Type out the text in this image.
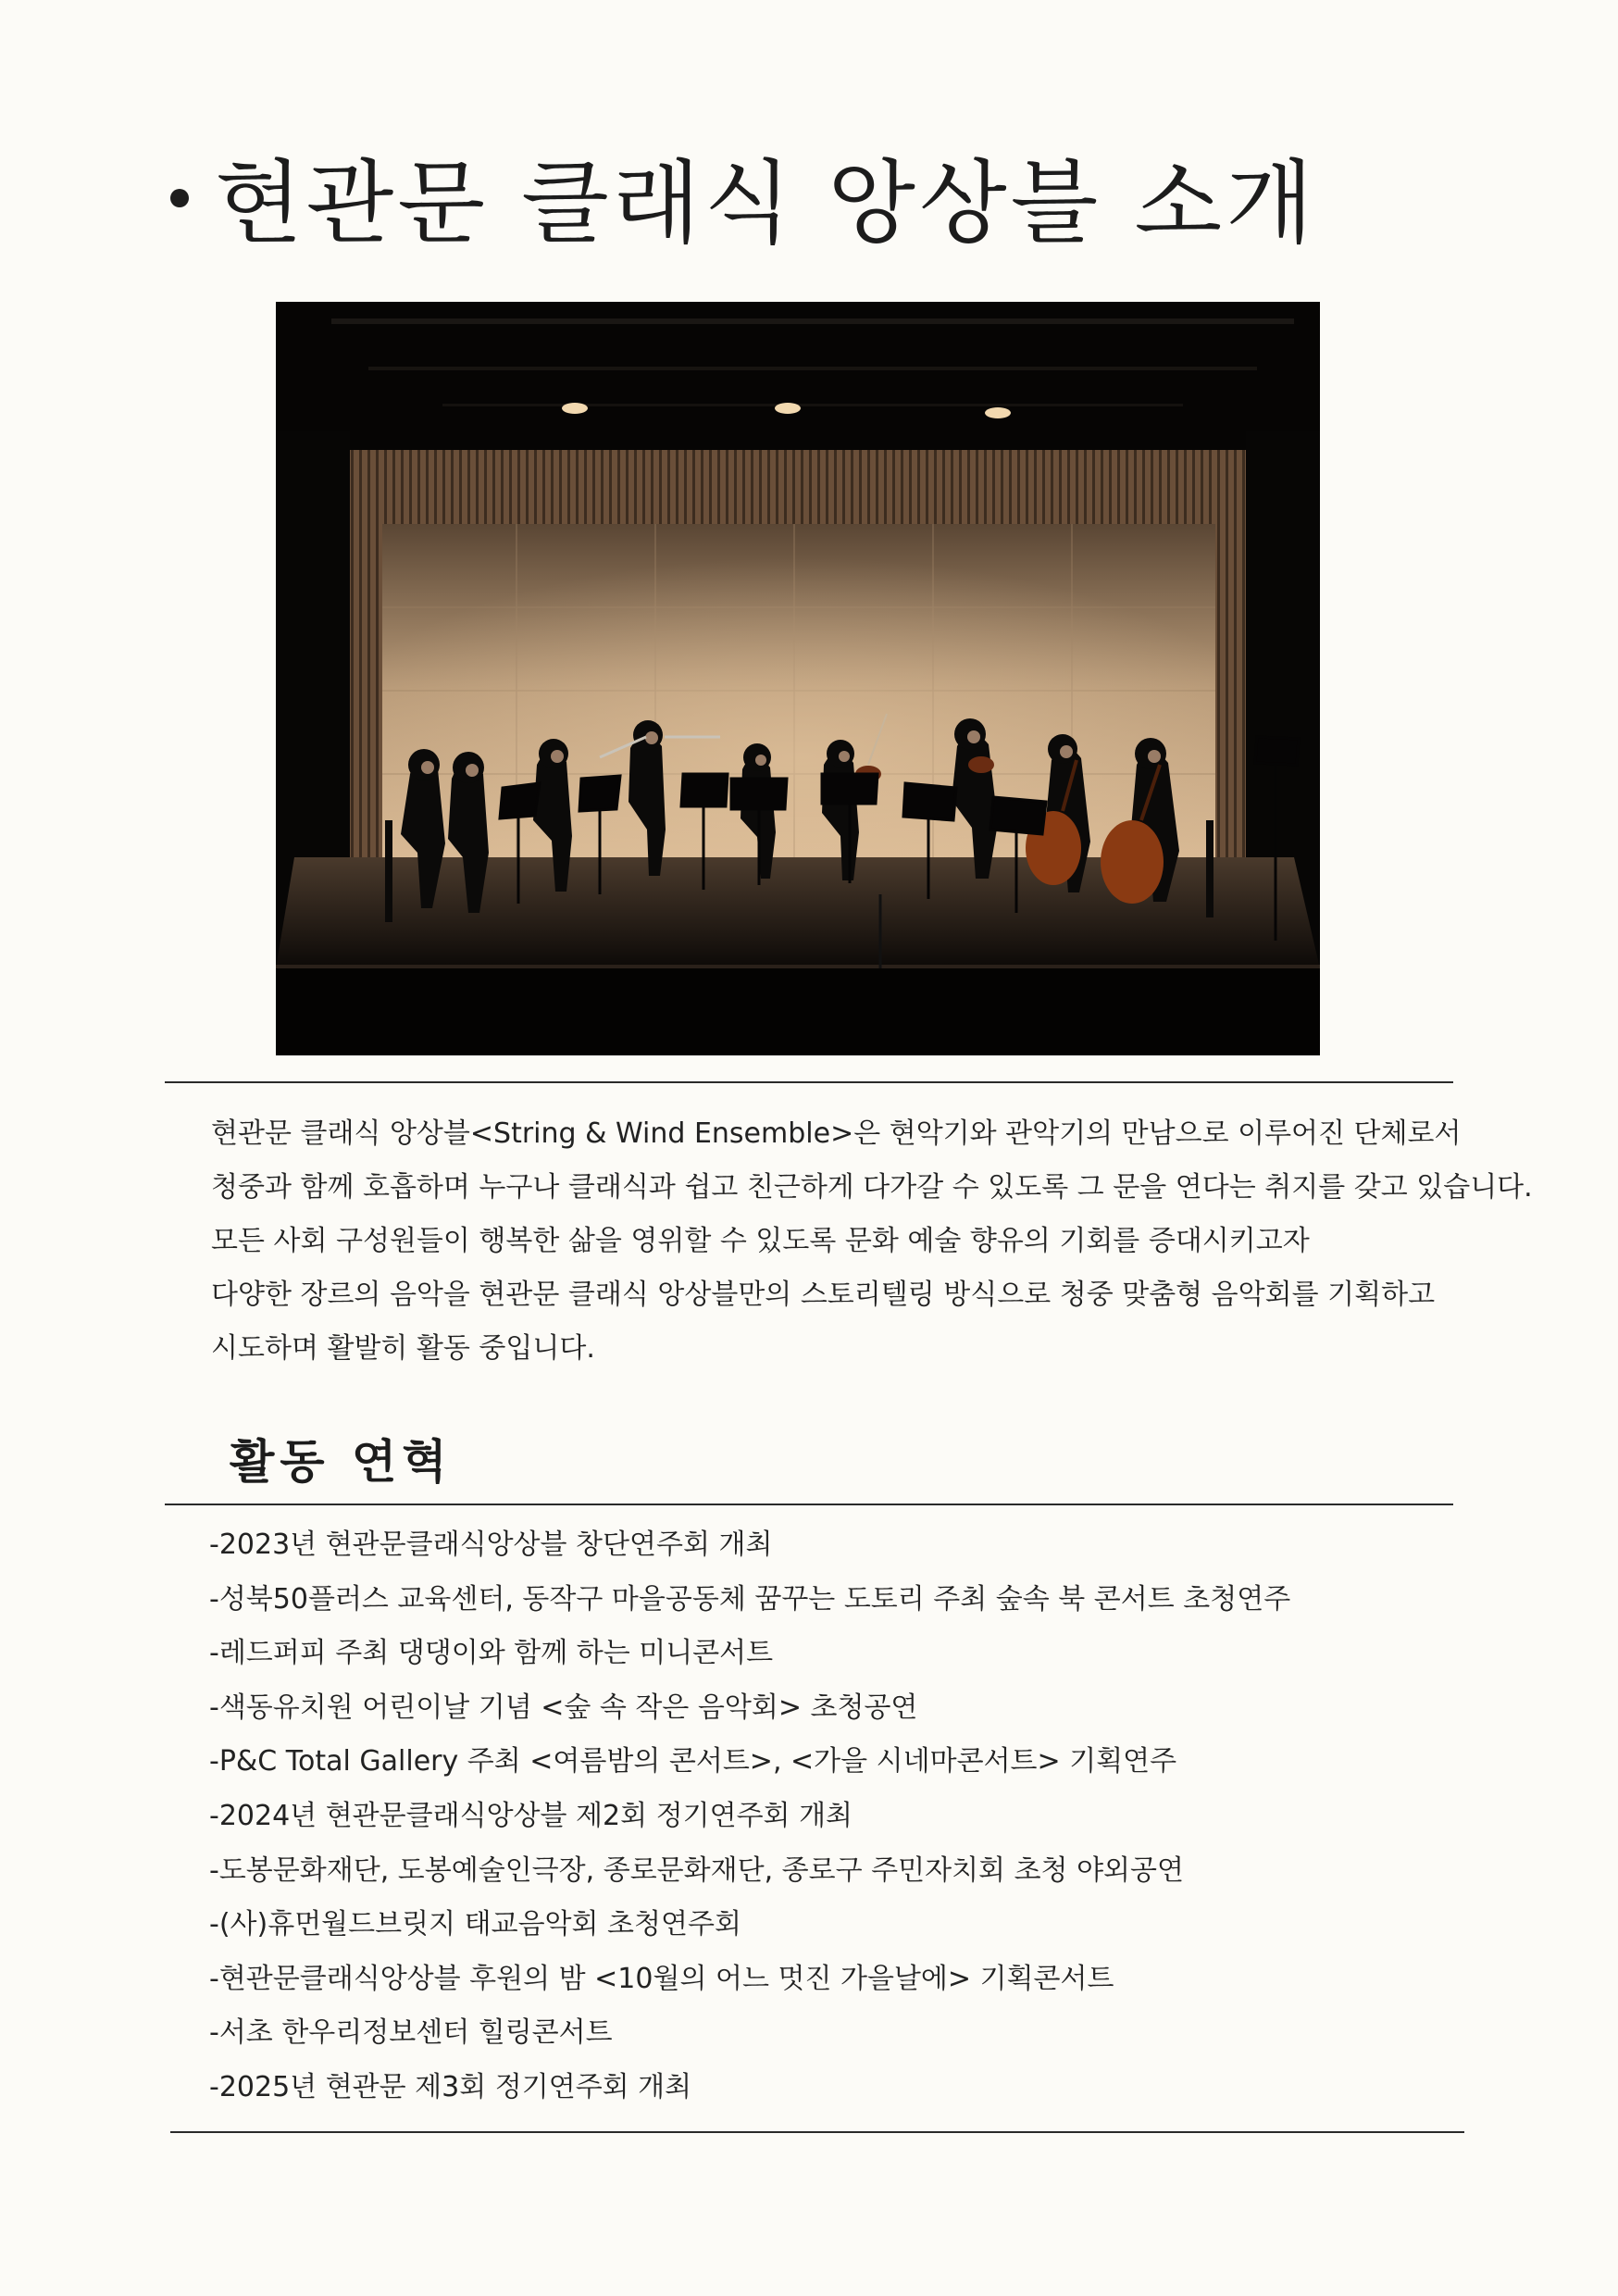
현관문 클래식 앙상블 소개

현관문 클래식 앙상블<String & Wind Ensemble>은 현악기와 관악기의 만남으로 이루어진 단체로서

청중과 함께 호흡하며 누구나 클래식과 쉽고 친근하게 다가갈 수 있도록 그 문을 연다는 취지를 갖고 있습니다.

모든 사회 구성원들이 행복한 삶을 영위할 수 있도록 문화 예술 향유의 기회를 증대시키고자

다양한 장르의 음악을 현관문 클래식 앙상블만의 스토리텔링 방식으로 청중 맞춤형 음악회를 기획하고

시도하며 활발히 활동 중입니다.

활동 연혁
-2023년 현관문클래식앙상블 창단연주회 개최
-성북50플러스 교육센터, 동작구 마을공동체 꿈꾸는 도토리 주최 숲속 북 콘서트 초청연주
-레드퍼피 주최 댕댕이와 함께 하는 미니콘서트
-색동유치원 어린이날 기념 <숲 속 작은 음악회> 초청공연
-P&C Total Gallery 주최 <여름밤의 콘서트>, <가을 시네마콘서트> 기획연주
-2024년 현관문클래식앙상블 제2회 정기연주회 개최
-도봉문화재단, 도봉예술인극장, 종로문화재단, 종로구 주민자치회 초청 야외공연
-(사)휴먼월드브릿지 태교음악회 초청연주회
-현관문클래식앙상블 후원의 밤 <10월의 어느 멋진 가을날에> 기획콘서트
-서초 한우리정보센터 힐링콘서트
-2025년 현관문 제3회 정기연주회 개최
